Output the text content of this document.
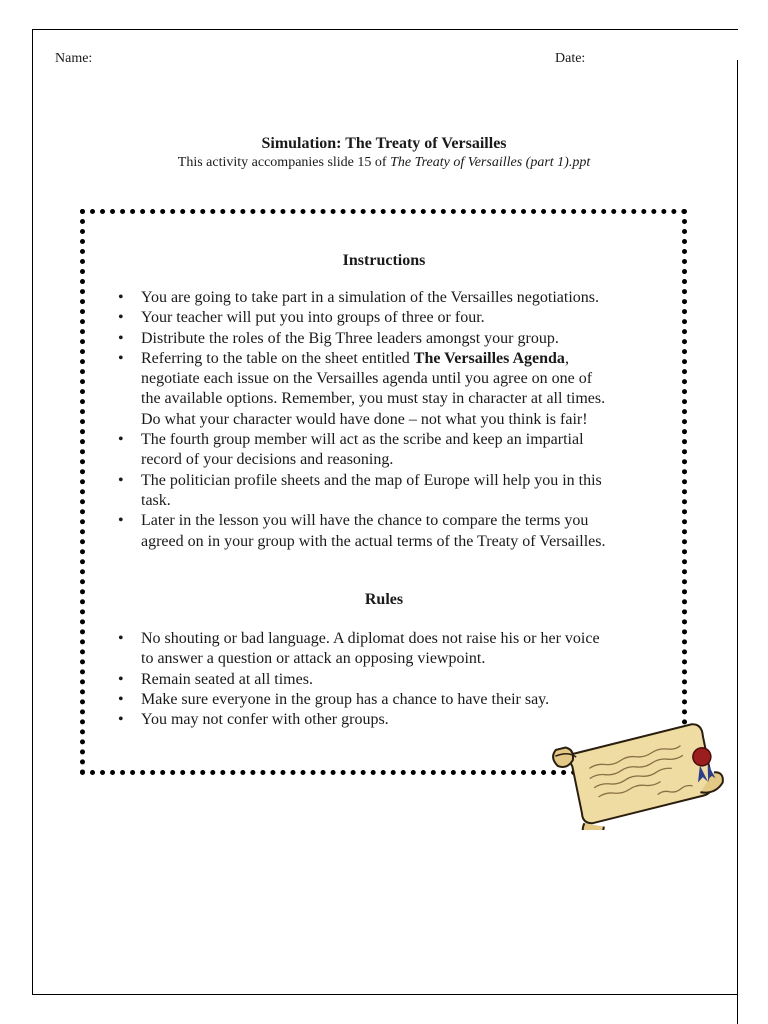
Name:	Date:
Simulation: The Treaty of Versailles
This activity accompanies slide 15 of The Treaty of Versailles (part 1).ppt
Instructions
• You are going to take part in a simulation of the Versailles negotiations.
• Your teacher will put you into groups of three or four.
• Distribute the roles of the Big Three leaders amongst your group.
• Referring to the table on the sheet entitled The Versailles Agenda,
negotiate each issue on the Versailles agenda until you agree on one of
the available options. Remember, you must stay in character at all times.
Do what your character would have done – not what you think is fair!
• The fourth group member will act as the scribe and keep an impartial
record of your decisions and reasoning.
• The politician profile sheets and the map of Europe will help you in this
task.
• Later in the lesson you will have the chance to compare the terms you
agreed on in your group with the actual terms of the Treaty of Versailles.
Rules
• No shouting or bad language. A diplomat does not raise his or her voice
to answer a question or attack an opposing viewpoint.
• Remain seated at all times.
• Make sure everyone in the group has a chance to have their say.
• You may not confer with other groups.
